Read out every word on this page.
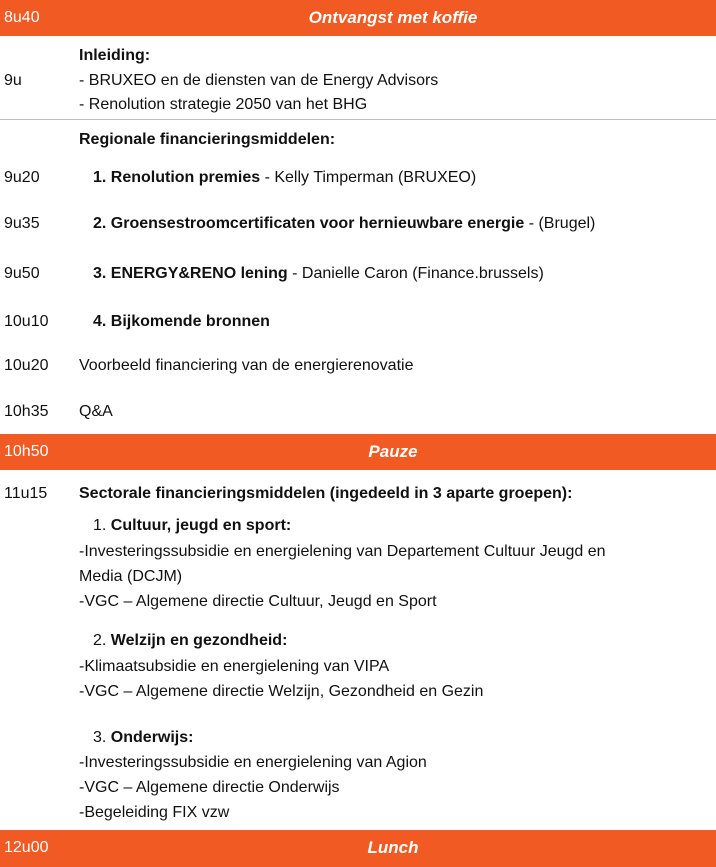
8u40	Ontvangst met koffie
9u
Inleiding:
- BRUXEO en de diensten van de Energy Advisors
- Renolution strategie 2050 van het BHG
Regionale financieringsmiddelen:
9u20	1. Renolution premies - Kelly Timperman (BRUXEO)
9u35	2. Groensestroomcertificaten voor hernieuwbare energie - (Brugel)
9u50	3. ENERGY&RENO lening - Danielle Caron (Finance.brussels)
10u10	4. Bijkomende bronnen
10u20 Voorbeeld financiering van de energierenovatie
10h35 Q&A
10h50	Pauze
11u15 Sectorale financieringsmiddelen (ingedeeld in 3 aparte groepen):
1. Cultuur, jeugd en sport:
-Investeringssubsidie en energielening van Departement Cultuur Jeugd en
Media (DCJM)
-VGC – Algemene directie Cultuur, Jeugd en Sport
2. Welzijn en gezondheid:
-Klimaatsubsidie en energielening van VIPA
-VGC – Algemene directie Welzijn, Gezondheid en Gezin
3. Onderwijs:
-Investeringssubsidie en energielening van Agion
-VGC – Algemene directie Onderwijs
-Begeleiding FIX vzw
12u00	Lunch
